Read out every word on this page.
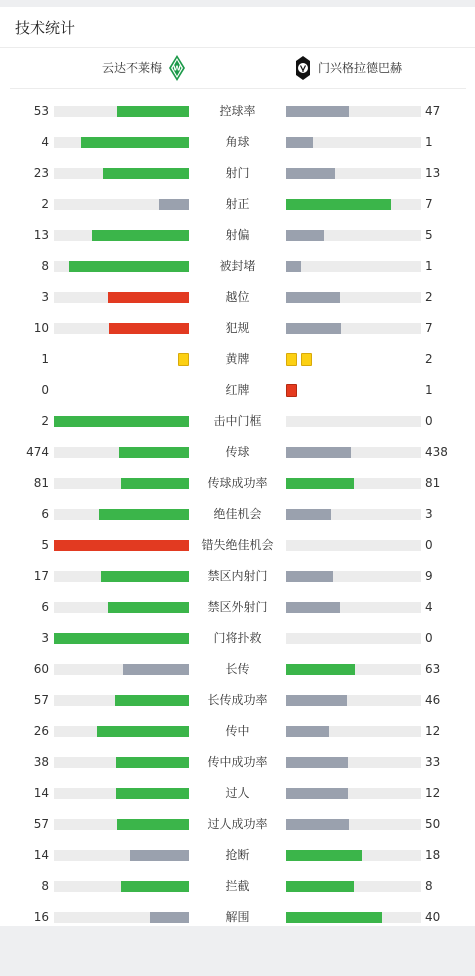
技术统计
云达不莱梅 W	门兴格拉德巴赫
53	控球率	47
4	角球	1
23	射门	13
2	射正	7
13	射偏	5
8	被封堵	1
3	越位	2
10	犯规	7
1	黄牌	2
0	红牌	1
2	击中门框	0
474	传球	438
81	传球成功率	81
6	绝佳机会	3
5	错失绝佳机会	0
17	禁区内射门	9
6	禁区外射门	4
3	门将扑救	0
60	长传	63
57	长传成功率	46
26	传中	12
38	传中成功率	33
14	过人	12
57	过人成功率	50
14	抢断	18
8	拦截	8
16	解围	40
